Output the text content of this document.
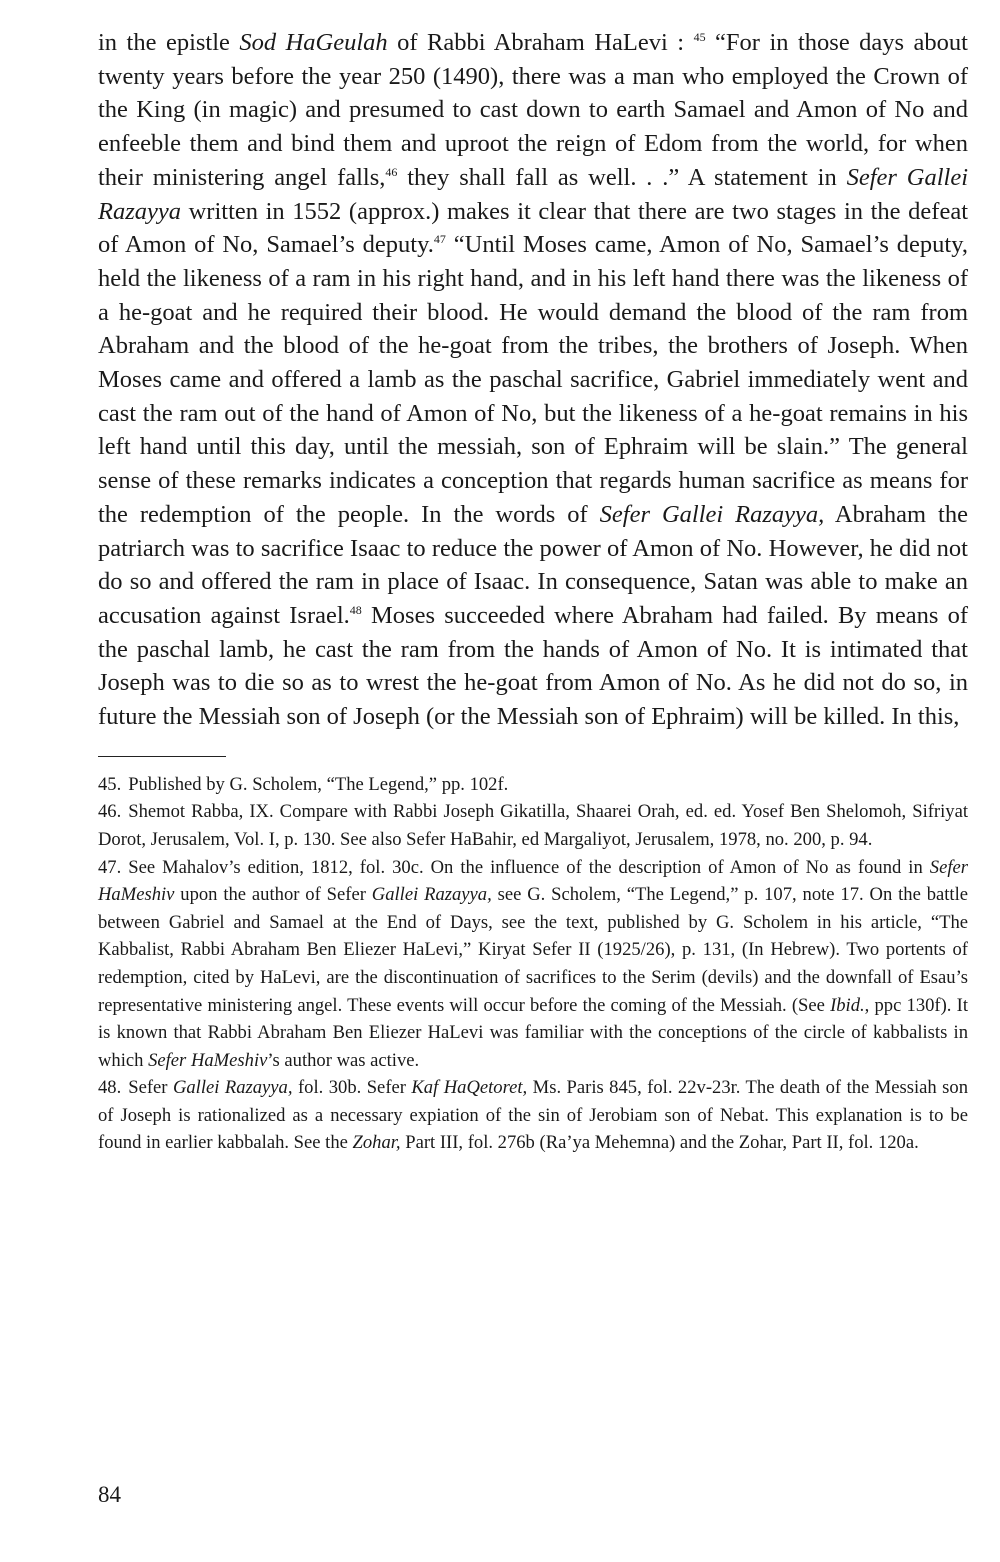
in the epistle Sod HaGeulah of Rabbi Abraham HaLevi : $^{45}$ “For in those days about twenty years before the year 250 (1490), there was a man who employed the Crown of the King (in magic) and presumed to cast down to earth Samael and Amon of No and enfeeble them and bind them and uproot the reign of Edom from the world, for when their ministering angel falls,$^{46}$ they shall fall as well. . .” A statement in Sefer Gallei Razayya written in 1552 (approx.) makes it clear that there are two stages in the defeat of Amon of No, Samael’s deputy.$^{47}$ “Until Moses came, Amon of No, Samael’s deputy, held the likeness of a ram in his right hand, and in his left hand there was the likeness of a he-goat and he required their blood. He would demand the blood of the ram from Abraham and the blood of the he-goat from the tribes, the brothers of Joseph. When Moses came and offered a lamb as the paschal sacrifice, Gabriel immediately went and cast the ram out of the hand of Amon of No, but the likeness of a he-goat remains in his left hand until this day, until the messiah, son of Ephraim will be slain.” The general sense of these remarks indicates a conception that regards human sacrifice as means for the redemption of the people. In the words of Sefer Gallei Razayya, Abraham the patriarch was to sacrifice Isaac to reduce the power of Amon of No. However, he did not do so and offered the ram in place of Isaac. In consequence, Satan was able to make an accusation against Israel.$^{48}$ Moses succeeded where Abraham had failed. By means of the paschal lamb, he cast the ram from the hands of Amon of No. It is intimated that Joseph was to die so as to wrest the he-goat from Amon of No. As he did not do so, in future the Messiah son of Joseph (or the Messiah son of Ephraim) will be killed. In this,

45. Published by G. Scholem, “The Legend,” pp. 102f.

46. Shemot Rabba, IX. Compare with Rabbi Joseph Gikatilla, Shaarei Orah, ed. ed. Yosef Ben Shelomoh, Sifriyat Dorot, Jerusalem, Vol. I, p. 130. See also Sefer HaBahir, ed Margaliyot, Jerusalem, 1978, no. 200, p. 94.

47. See Mahalov’s edition, 1812, fol. 30c. On the influence of the description of Amon of No as found in Sefer HaMeshiv upon the author of Sefer Gallei Razayya, see G. Scholem, “The Legend,” p. 107, note 17. On the battle between Gabriel and Samael at the End of Days, see the text, published by G. Scholem in his article, “The Kabbalist, Rabbi Abraham Ben Eliezer HaLevi,” Kiryat Sefer II (1925/26), p. 131, (In Hebrew). Two portents of redemption, cited by HaLevi, are the discontinuation of sacrifices to the Serim (devils) and the downfall of Esau’s representative ministering angel. These events will occur before the coming of the Messiah. (See Ibid., ppc 130f). It is known that Rabbi Abraham Ben Eliezer HaLevi was familiar with the conceptions of the circle of kabbalists in which Sefer HaMeshiv’s author was active.

48. Sefer Gallei Razayya, fol. 30b. Sefer Kaf HaQetoret, Ms. Paris 845, fol. 22v-23r. The death of the Messiah son of Joseph is rationalized as a necessary expiation of the sin of Jerobiam son of Nebat. This explanation is to be found in earlier kabbalah. See the Zohar, Part III, fol. 276b (Ra’ya Mehemna) and the Zohar, Part II, fol. 120a.

84
